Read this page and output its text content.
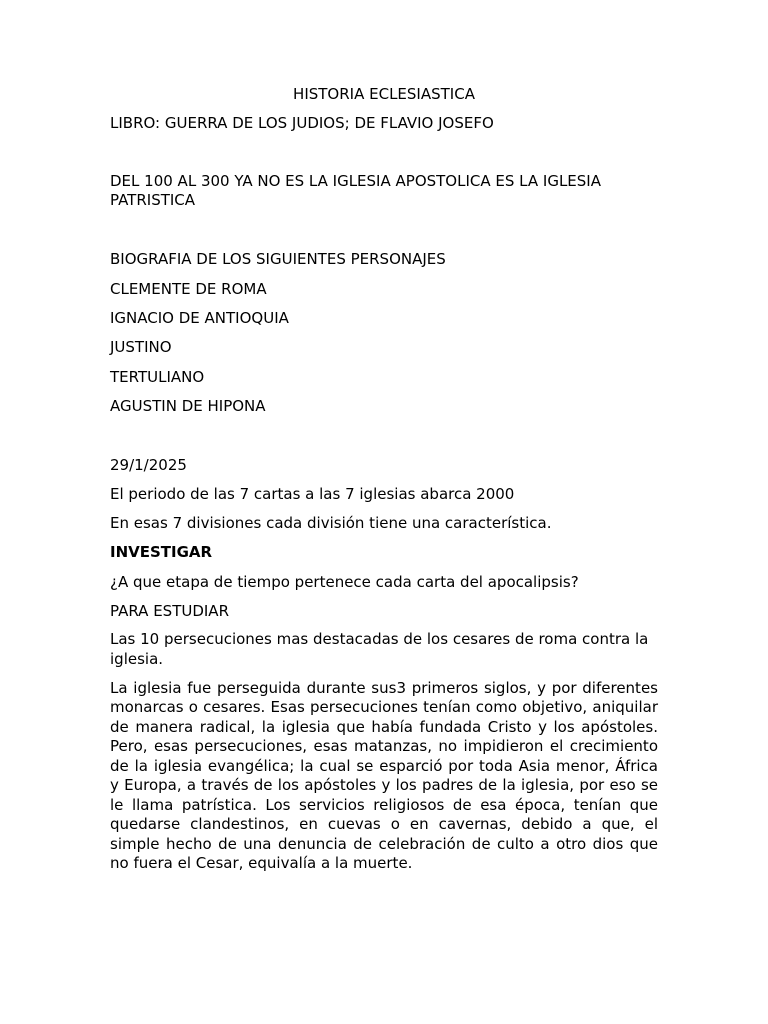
HISTORIA ECLESIASTICA
LIBRO: GUERRA DE LOS JUDIOS; DE FLAVIO JOSEFO
DEL 100 AL 300 YA NO ES LA IGLESIA APOSTOLICA ES LA IGLESIA PATRISTICA
BIOGRAFIA DE LOS SIGUIENTES PERSONAJES
CLEMENTE DE ROMA
IGNACIO DE ANTIOQUIA
JUSTINO
TERTULIANO
AGUSTIN DE HIPONA
29/1/2025
El periodo de las 7 cartas a las 7 iglesias abarca 2000
En esas 7 divisiones cada división tiene una característica.
INVESTIGAR
¿A que etapa de tiempo pertenece cada carta del apocalipsis?
PARA ESTUDIAR
Las 10 persecuciones mas destacadas de los cesares de roma contra la iglesia.

La iglesia fue perseguida durante sus3 primeros siglos, y por diferentes monarcas o cesares. Esas persecuciones tenían como objetivo, aniquilar de manera radical, la iglesia que había fundada Cristo y los apóstoles. Pero, esas persecuciones, esas matanzas, no impidieron el crecimiento de la iglesia evangélica; la cual se esparció por toda Asia menor, África y Europa, a través de los apóstoles y los padres de la iglesia, por eso se le llama patrística. Los servicios religiosos de esa época, tenían que quedarse clandestinos, en cuevas o en cavernas, debido a que, el simple hecho de una denuncia de celebración de culto a otro dios que no fuera el Cesar, equivalía a la muerte.
